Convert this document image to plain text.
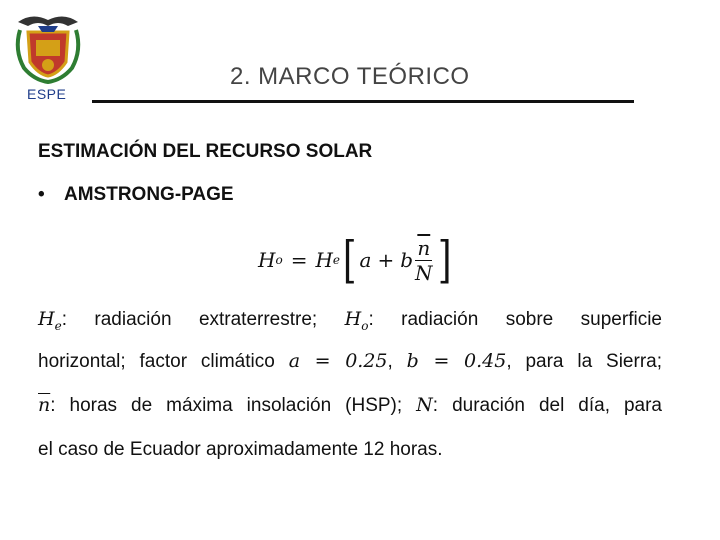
ESPE
2. MARCO TEÓRICO
ESTIMACIÓN DEL RECURSO SOLAR
• AMSTRONG-PAGE
H o = H e [ a + b $\frac{\overline{n}}{N}$ ]
$H_e$: radiación extraterrestre; $H_o$: radiación sobre superficie
horizontal; factor climático a = 0.25, b = 0.45, para la Sierra;
$\overline{n}$: horas de máxima insolación (HSP); N: duración del día, para
el caso de Ecuador aproximadamente 12 horas.
